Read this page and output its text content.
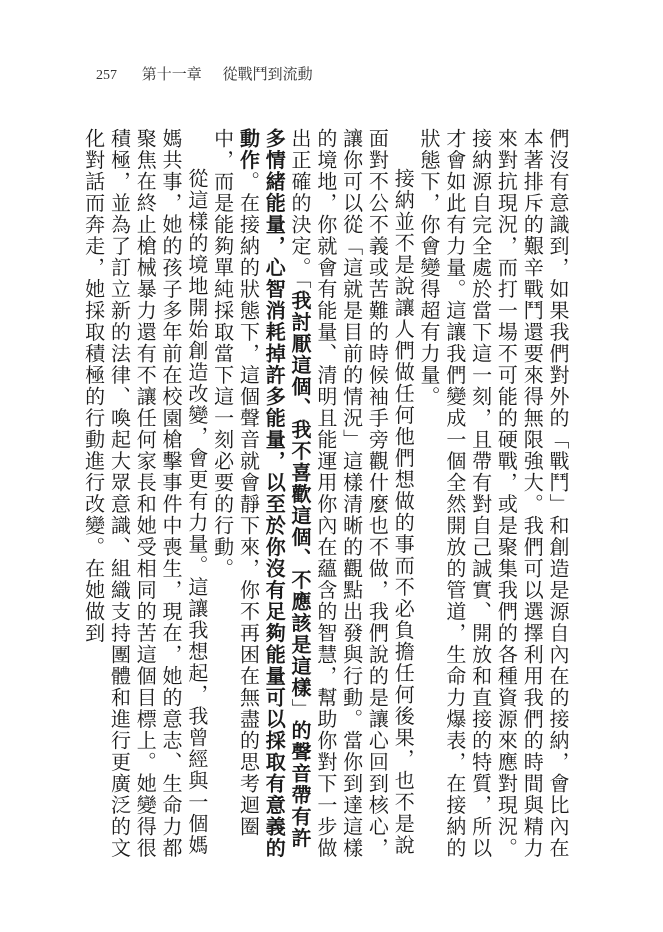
257 第十一章 從戰鬥到流動

們沒有意識到，如果我們對外的「戰鬥」和創造是源自內在的接納，會比內在本著排斥的艱辛戰鬥還要來得無限強大。我們可以選擇利用我們的時間與精力來對抗現況，而打一場不可能的硬戰，或是聚集我們的各種資源來應對現況。接納源自完全處於當下這一刻，且帶有對自己誠實、開放和直接的特質，所以才會如此有力量。這讓我們變成一個全然開放的管道，生命力爆表，在接納的狀態下，你會變得超有力量。

接納並不是說讓人們做任何他們想做的事而不必負擔任何後果，也不是說面對不公不義或苦難的時候袖手旁觀什麼也不做，我們說的是讓心回到核心，讓你可以從「這就是目前的情況」這樣清晰的觀點出發與行動。當你到達這樣的境地，你就會有能量、清明且能運用你內在蘊含的智慧，幫助你對下一步做出正確的決定。「我討厭這個、我不喜歡這個、不應該是這樣」的聲音帶有許多情緒能量，心智消耗掉許多能量，以至於你沒有足夠能量可以採取有意義的動作。在接納的狀態下，這個聲音就會靜下來，你不再困在無盡的思考迴圈中，而是能夠單純採取當下這一刻必要的行動。

從這樣的境地開始創造改變，會更有力量。這讓我想起，我曾經與一個媽媽共事，她的孩子多年前在校園槍擊事件中喪生，現在，她的意志、生命力都聚焦在終止槍械暴力還有不讓任何家長和她受相同的苦這個目標上。她變得很積極，並為了訂立新的法律、喚起大眾意識、組織支持團體和進行更廣泛的文化對話而奔走，她採取積極的行動進行改變。在她做到
